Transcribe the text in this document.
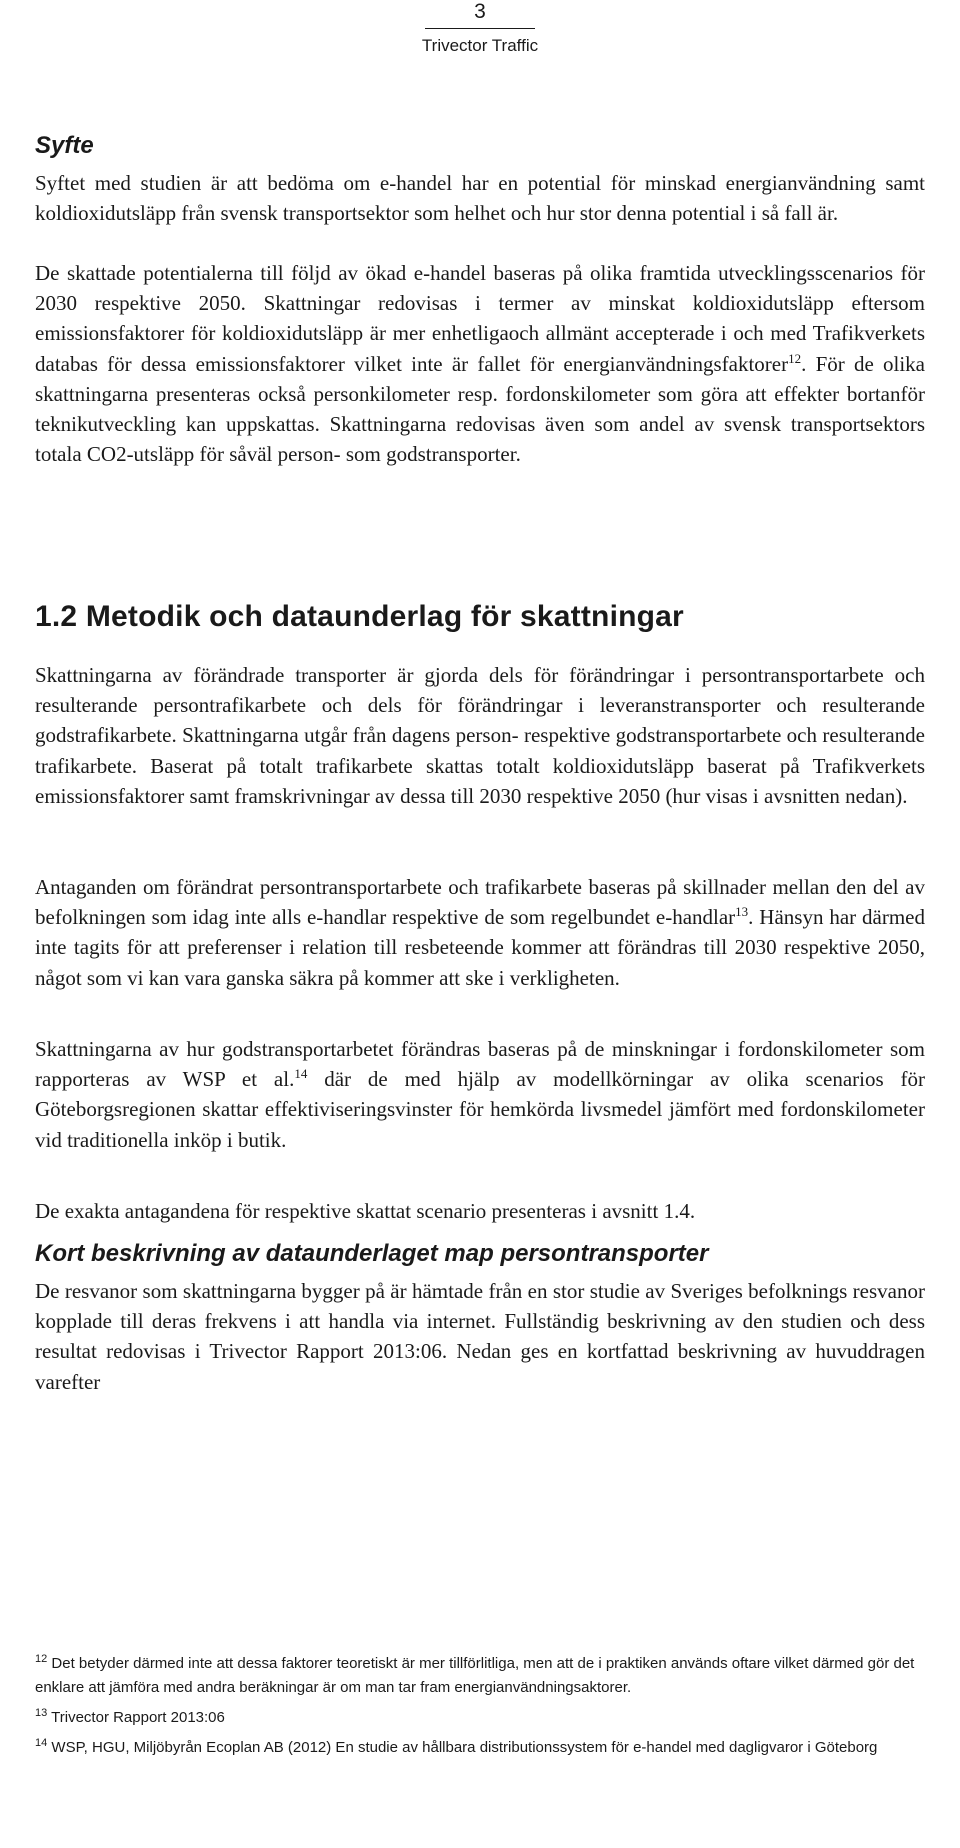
3
Trivector Traffic
Syfte

Syftet med studien är att bedöma om e-handel har en potential för minskad energianvändning samt koldioxidutsläpp från svensk transportsektor som helhet och hur stor denna potential i så fall är.

De skattade potentialerna till följd av ökad e-handel baseras på olika framtida utvecklingsscenarios för 2030 respektive 2050. Skattningar redovisas i termer av minskat koldioxidutsläpp eftersom emissionsfaktorer för koldioxidutsläpp är mer enhetligaoch allmänt accepterade i och med Trafikverkets databas för dessa emissionsfaktorer vilket inte är fallet för energianvändningsfaktorer$^{12}$. För de olika skattningarna presenteras också personkilometer resp. fordonskilometer som göra att effekter bortanför teknikutveckling kan uppskattas. Skattningarna redovisas även som andel av svensk transportsektors totala CO2-utsläpp för såväl person- som godstransporter.

1.2 Metodik och dataunderlag för skattningar

Skattningarna av förändrade transporter är gjorda dels för förändringar i persontransportarbete och resulterande persontrafikarbete och dels för förändringar i leveranstransporter och resulterande godstrafikarbete. Skattningarna utgår från dagens person- respektive godstransportarbete och resulterande trafikarbete. Baserat på totalt trafikarbete skattas totalt koldioxidutsläpp baserat på Trafikverkets emissionsfaktorer samt framskrivningar av dessa till 2030 respektive 2050 (hur visas i avsnitten nedan).

Antaganden om förändrat persontransportarbete och trafikarbete baseras på skillnader mellan den del av befolkningen som idag inte alls e-handlar respektive de som regelbundet e-handlar$^{13}$. Hänsyn har därmed inte tagits för att preferenser i relation till resbeteende kommer att förändras till 2030 respektive 2050, något som vi kan vara ganska säkra på kommer att ske i verkligheten.

Skattningarna av hur godstransportarbetet förändras baseras på de minskningar i fordonskilometer som rapporteras av WSP et al.$^{14}$ där de med hjälp av modellkörningar av olika scenarios för Göteborgsregionen skattar effektiviseringsvinster för hemkörda livsmedel jämfört med fordonskilometer vid traditionella inköp i butik.

De exakta antagandena för respektive skattat scenario presenteras i avsnitt 1.4.

Kort beskrivning av dataunderlaget map persontransporter

De resvanor som skattningarna bygger på är hämtade från en stor studie av Sveriges befolknings resvanor kopplade till deras frekvens i att handla via internet. Fullständig beskrivning av den studien och dess resultat redovisas i Trivector Rapport 2013:06. Nedan ges en kortfattad beskrivning av huvuddragen varefter

$^{12}$ Det betyder därmed inte att dessa faktorer teoretiskt är mer tillförlitliga, men att de i praktiken används oftare vilket därmed gör det enklare att jämföra med andra beräkningar är om man tar fram energianvändningsaktorer.

$^{13}$ Trivector Rapport 2013:06

$^{14}$ WSP, HGU, Miljöbyrån Ecoplan AB (2012) En studie av hållbara distributionssystem för e-handel med dagligvaror i Göteborg
